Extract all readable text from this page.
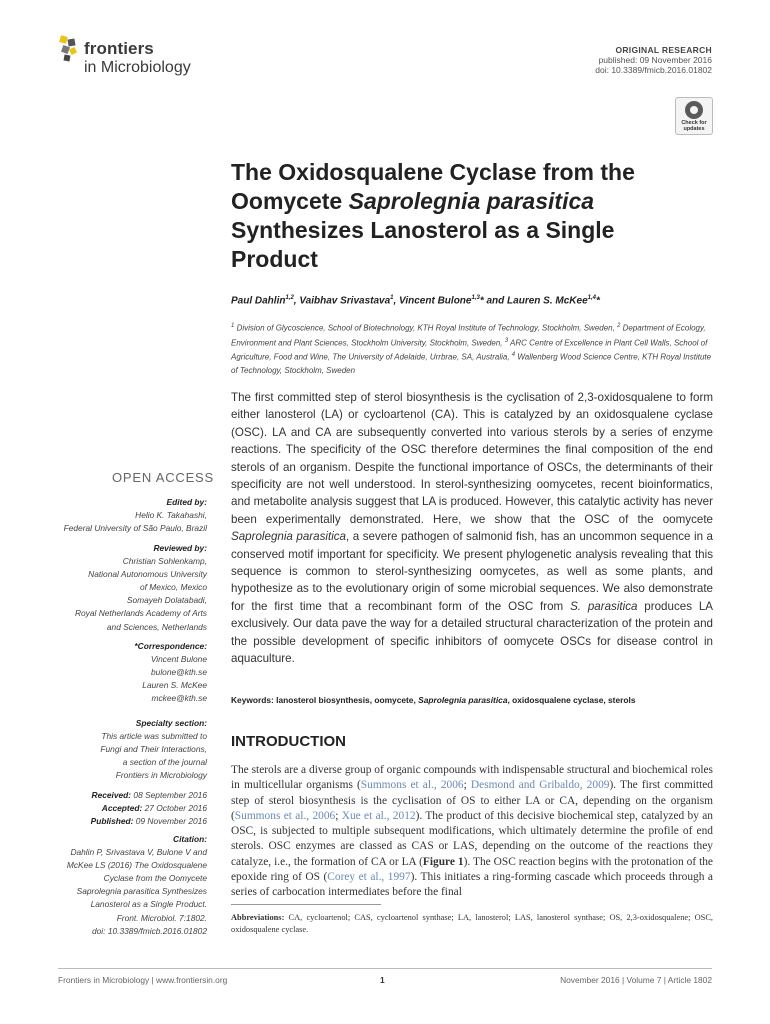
frontiers
in Microbiology
ORIGINAL RESEARCH
published: 09 November 2016
doi: 10.3389/fmicb.2016.01802
Check for
updates
The Oxidosqualene Cyclase from the Oomycete Saprolegnia parasitica Synthesizes Lanosterol as a Single Product
Paul Dahlin$^{1,2}$, Vaibhav Srivastava$^1$, Vincent Bulone$^{1,3}$* and Lauren S. McKee$^{1,4}$*
$^1$ Division of Glycoscience, School of Biotechnology, KTH Royal Institute of Technology, Stockholm, Sweden, $^2$ Department of Ecology, Environment and Plant Sciences, Stockholm University, Stockholm, Sweden, $^3$ ARC Centre of Excellence in Plant Cell Walls, School of Agriculture, Food and Wine, The University of Adelaide, Urrbrae, SA, Australia, $^4$ Wallenberg Wood Science Centre, KTH Royal Institute of Technology, Stockholm, Sweden
The first committed step of sterol biosynthesis is the cyclisation of 2,3-oxidosqualene to form either lanosterol (LA) or cycloartenol (CA). This is catalyzed by an oxidosqualene cyclase (OSC). LA and CA are subsequently converted into various sterols by a series of enzyme reactions. The specificity of the OSC therefore determines the final composition of the end sterols of an organism. Despite the functional importance of OSCs, the determinants of their specificity are not well understood. In sterol-synthesizing oomycetes, recent bioinformatics, and metabolite analysis suggest that LA is produced. However, this catalytic activity has never been experimentally demonstrated. Here, we show that the OSC of the oomycete Saprolegnia parasitica, a severe pathogen of salmonid fish, has an uncommon sequence in a conserved motif important for specificity. We present phylogenetic analysis revealing that this sequence is common to sterol-synthesizing oomycetes, as well as some plants, and hypothesize as to the evolutionary origin of some microbial sequences. We also demonstrate for the first time that a recombinant form of the OSC from S. parasitica produces LA exclusively. Our data pave the way for a detailed structural characterization of the protein and the possible development of specific inhibitors of oomycete OSCs for disease control in aquaculture.
Keywords: lanosterol biosynthesis, oomycete, Saprolegnia parasitica, oxidosqualene cyclase, sterols
INTRODUCTION
The sterols are a diverse group of organic compounds with indispensable structural and biochemical roles in multicellular organisms (Summons et al., 2006; Desmond and Gribaldo, 2009). The first committed step of sterol biosynthesis is the cyclisation of OS to either LA or CA, depending on the organism (Summons et al., 2006; Xue et al., 2012). The product of this decisive biochemical step, catalyzed by an OSC, is subjected to multiple subsequent modifications, which ultimately determine the profile of end sterols. OSC enzymes are classed as CAS or LAS, depending on the outcome of the reactions they catalyze, i.e., the formation of CA or LA (Figure 1). The OSC reaction begins with the protonation of the epoxide ring of OS (Corey et al., 1997). This initiates a ring-forming cascade which proceeds through a series of carbocation intermediates before the final
Abbreviations: CA, cycloartenol; CAS, cycloartenol synthase; LA, lanosterol; LAS, lanosterol synthase; OS, 2,3-oxidosqualene; OSC, oxidosqualene cyclase.
OPEN ACCESS
Edited by:
Helio K. Takahashi,
Federal University of São Paulo, Brazil
Reviewed by:
Christian Sohlenkamp,
National Autonomous University
of Mexico, Mexico
Somayeh Dolatabadi,
Royal Netherlands Academy of Arts
and Sciences, Netherlands
*Correspondence:
Vincent Bulone
bulone@kth.se
Lauren S. McKee
mckee@kth.se
Specialty section:
This article was submitted to
Fungi and Their Interactions,
a section of the journal
Frontiers in Microbiology
Received: 08 September 2016
Accepted: 27 October 2016
Published: 09 November 2016
Citation:
Dahlin P, Srivastava V, Bulone V and
McKee LS (2016) The Oxidosqualene
Cyclase from the Oomycete
Saprolegnia parasitica Synthesizes
Lanosterol as a Single Product.
Front. Microbiol. 7:1802.
doi: 10.3389/fmicb.2016.01802
Frontiers in Microbiology | www.frontiersin.org	1	November 2016 | Volume 7 | Article 1802
